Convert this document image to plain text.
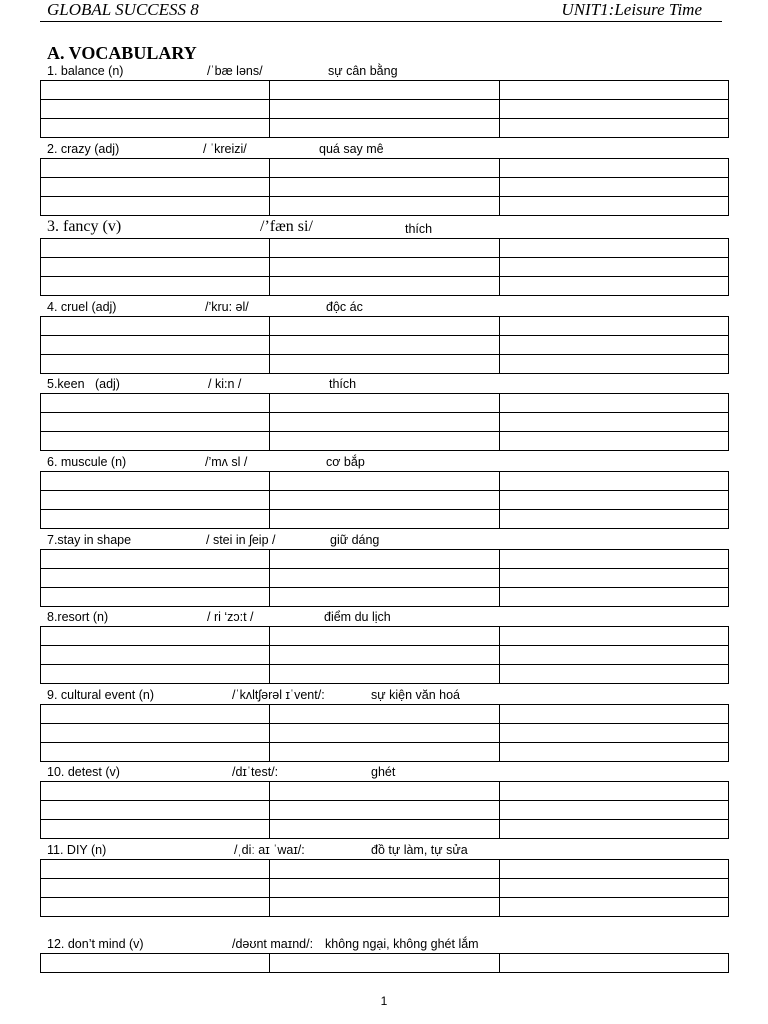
GLOBAL SUCCESS 8	UNIT1:Leisure Time
A. VOCABULARY
1. balance (n)	/ˈbæ ləns/	sự cân bằng

2. crazy (adj)	/ ˈkreizi/	quá say mê

3. fancy (v)	/’fæn si/	thích

4. cruel (adj)	/’kru: əl/	độc ác

5.keen   (adj)	/ ki:n /	thích

6. muscule (n)	/’mʌ sl /	cơ bắp

7.stay in shape	/ stei in ʃeip /	giữ dáng

8.resort (n)	/ ri ‘zɔ:t /	điểm du lịch

9. cultural event (n)	/ˈkʌltʃərəl ɪˈvent/:	sự kiện văn hoá

10. detest (v)	/dɪˈtest/:	ghét

11. DIY (n)	/ˌdiː aɪ ˈwaɪ/:	đồ tự làm, tự sửa

12. don’t mind (v)	/dəʊnt maɪnd/: không ngại, không ghét lắm

1
